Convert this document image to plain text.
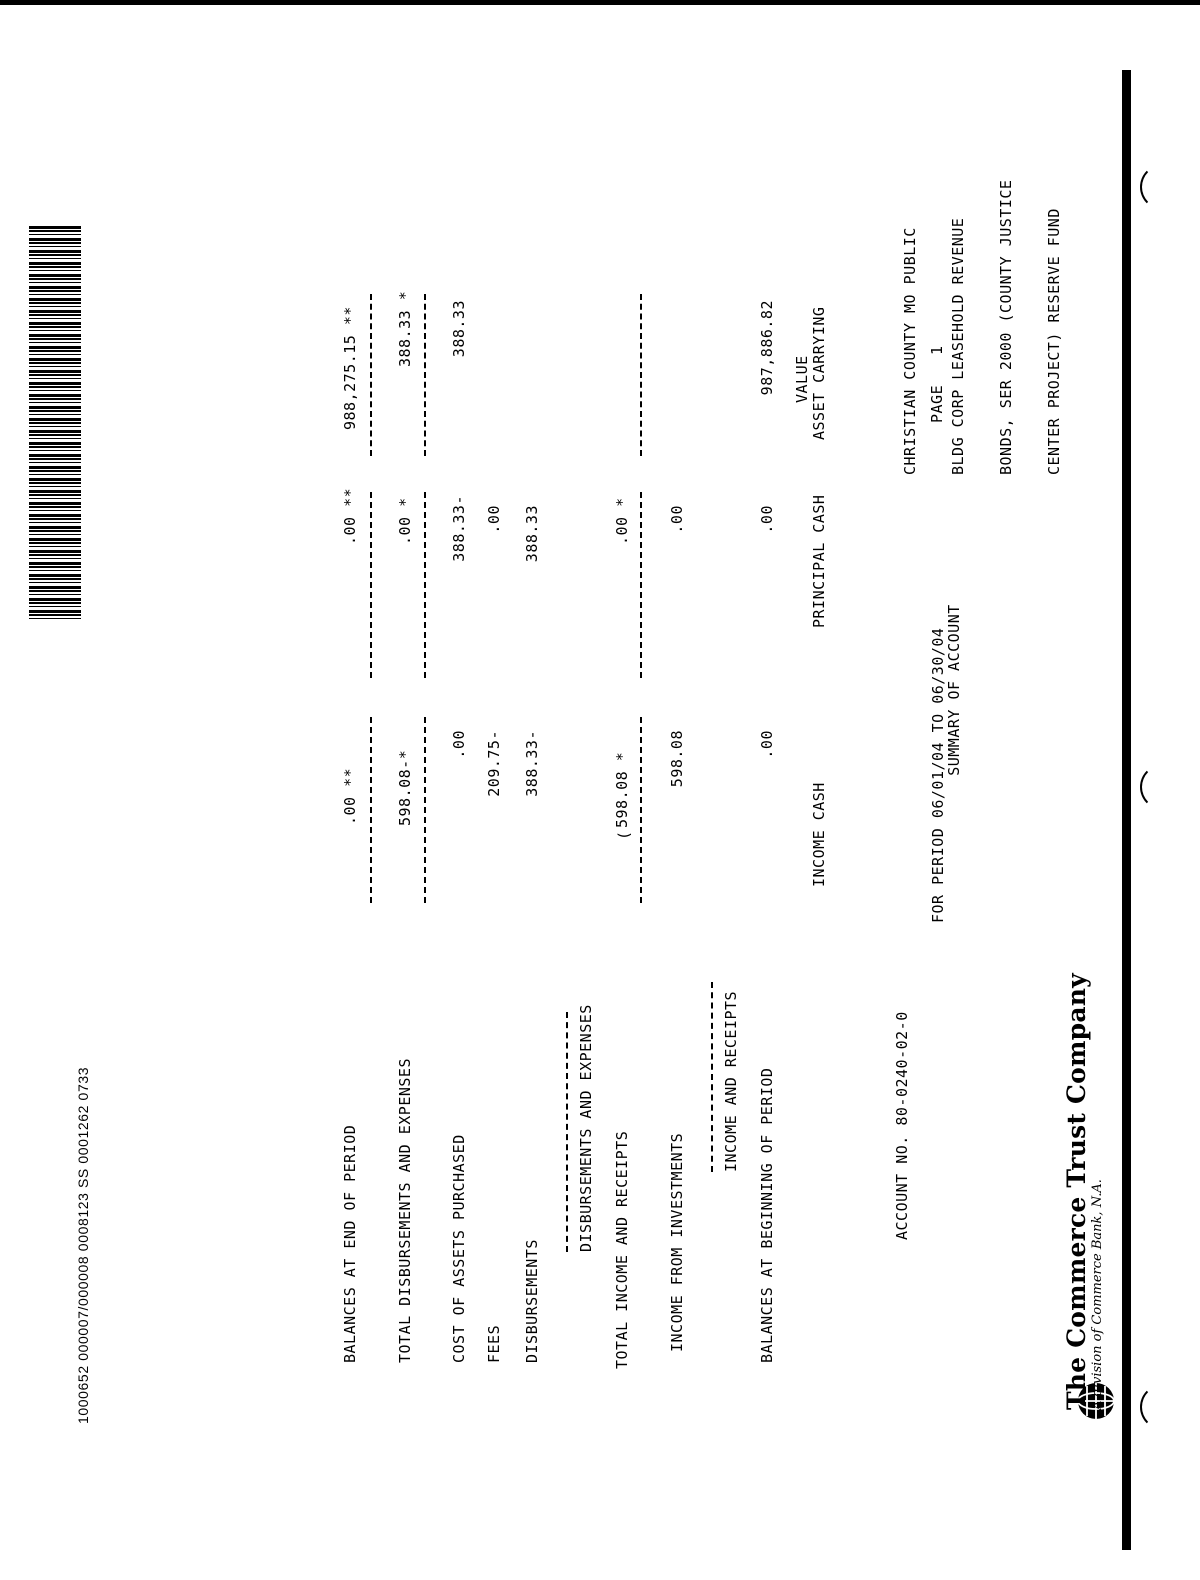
The Commerce Trust Company A division of Commerce Bank, N.A.
ACCOUNT NO. 80-0240-02-0
SUMMARY OF ACCOUNT
FOR PERIOD 06/01/04 TO 06/30/04

CHRISTIAN COUNTY MO PUBLIC

BLDG CORP LEASEHOLD REVENUE

BONDS, SER 2000 (COUNTY JUSTICE

CENTER PROJECT) RESERVE FUND

PAGE
1
INCOME CASH
PRINCIPAL CASH
ASSET CARRYING
VALUE
BALANCES AT BEGINNING OF PERIOD
INCOME AND RECEIPTS
INCOME FROM INVESTMENTS
TOTAL INCOME AND RECEIPTS
DISBURSEMENTS AND EXPENSES
DISBURSEMENTS
FEES
COST OF ASSETS PURCHASED
TOTAL DISBURSEMENTS AND EXPENSES
BALANCES AT END OF PERIOD
.00
598.08
598.08 *
(
388.33-
209.75-
.00
598.08-*
.00 **
.00
.00
.00 *
388.33
.00
388.33-
.00 *
.00 **
987,886.82
388.33
388.33 *
988,275.15 **
1000652 000007/000008 0008123 SS 0001262 0733
